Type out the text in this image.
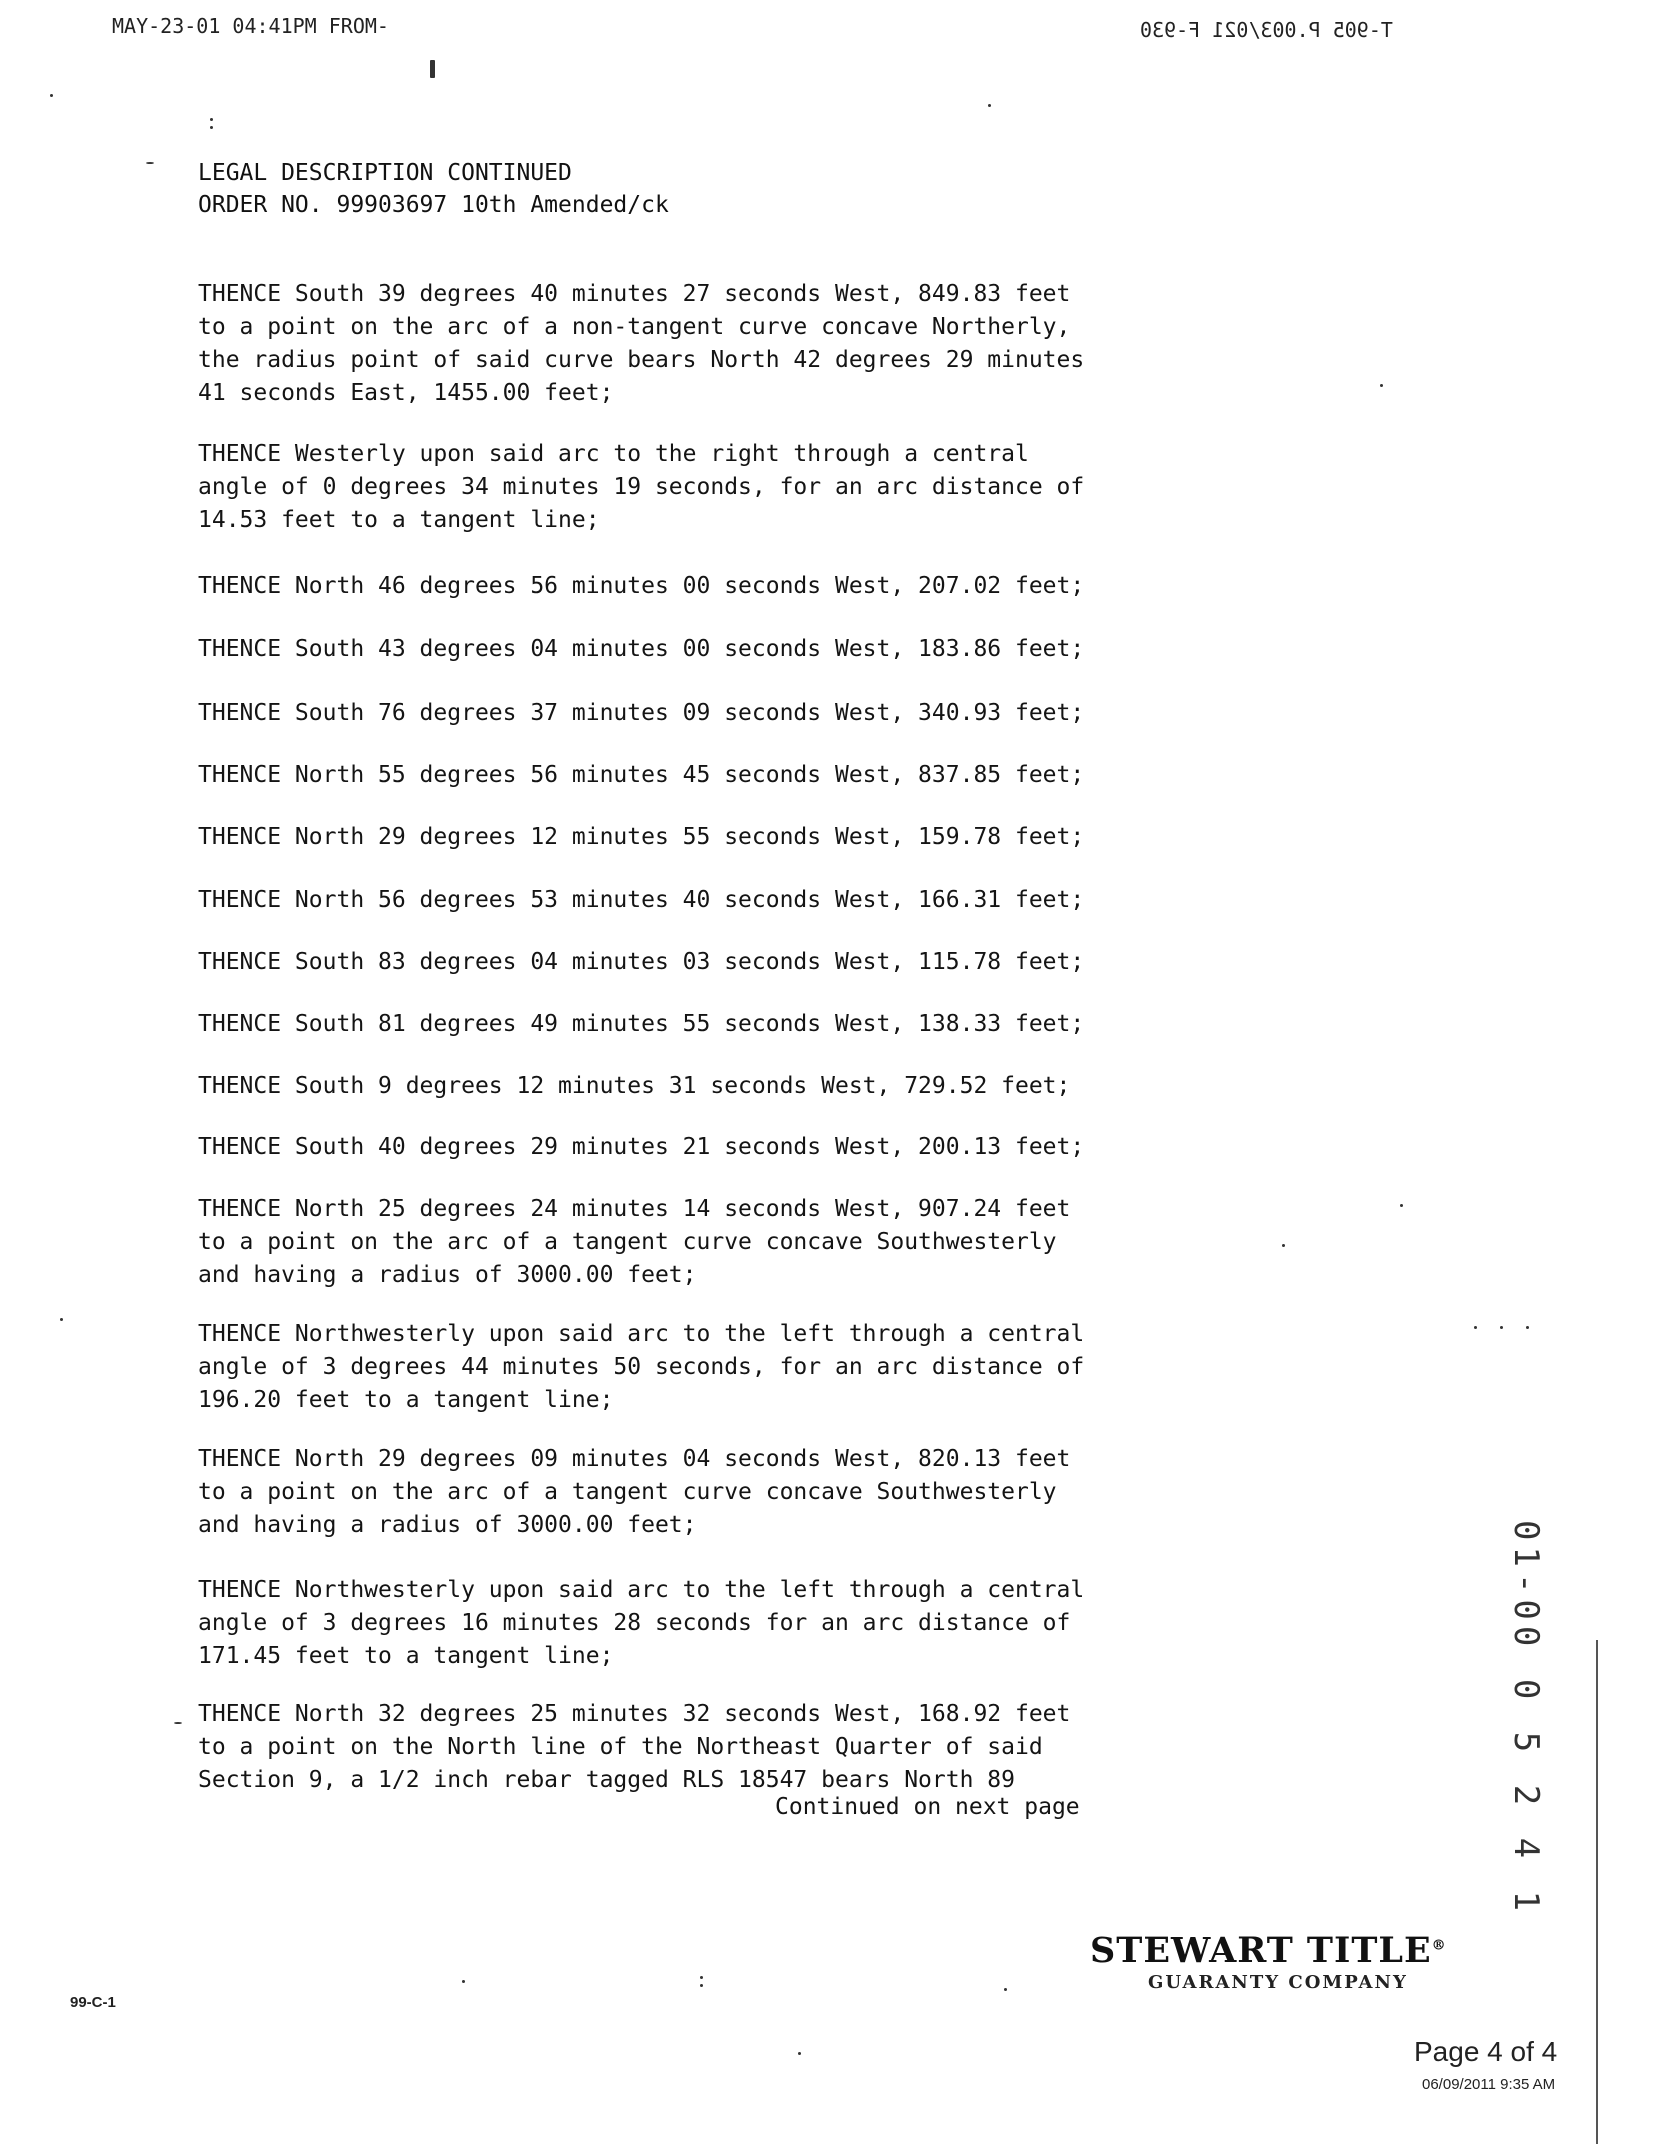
MAY-23-01 04:41PM FROM-	T-905 P.003/021 F-930
LEGAL DESCRIPTION CONTINUED
ORDER NO. 99903697 10th Amended/ck
THENCE South 39 degrees 40 minutes 27 seconds West, 849.83 feet
to a point on the arc of a non-tangent curve concave Northerly,
the radius point of said curve bears North 42 degrees 29 minutes
41 seconds East, 1455.00 feet;
THENCE Westerly upon said arc to the right through a central
angle of 0 degrees 34 minutes 19 seconds, for an arc distance of
14.53 feet to a tangent line;
THENCE North 46 degrees 56 minutes 00 seconds West, 207.02 feet;
THENCE South 43 degrees 04 minutes 00 seconds West, 183.86 feet;
THENCE South 76 degrees 37 minutes 09 seconds West, 340.93 feet;
THENCE North 55 degrees 56 minutes 45 seconds West, 837.85 feet;
THENCE North 29 degrees 12 minutes 55 seconds West, 159.78 feet;
THENCE North 56 degrees 53 minutes 40 seconds West, 166.31 feet;
THENCE South 83 degrees 04 minutes 03 seconds West, 115.78 feet;
THENCE South 81 degrees 49 minutes 55 seconds West, 138.33 feet;
THENCE South 9 degrees 12 minutes 31 seconds West, 729.52 feet;
THENCE South 40 degrees 29 minutes 21 seconds West, 200.13 feet;
THENCE North 25 degrees 24 minutes 14 seconds West, 907.24 feet
to a point on the arc of a tangent curve concave Southwesterly
and having a radius of 3000.00 feet;
THENCE Northwesterly upon said arc to the left through a central
angle of 3 degrees 44 minutes 50 seconds, for an arc distance of
196.20 feet to a tangent line;
THENCE North 29 degrees 09 minutes 04 seconds West, 820.13 feet
to a point on the arc of a tangent curve concave Southwesterly
and having a radius of 3000.00 feet;
THENCE Northwesterly upon said arc to the left through a central
angle of 3 degrees 16 minutes 28 seconds for an arc distance of
171.45 feet to a tangent line;
THENCE North 32 degrees 25 minutes 32 seconds West, 168.92 feet
to a point on the North line of the Northeast Quarter of said
Section 9, a 1/2 inch rebar tagged RLS 18547 bears North 89
Continued on next page	01-00 0 5 2 4 1
STEWART TITLE®
GUARANTY COMPANY
99-C-1
Page 4 of 4
06/09/2011 9:35 AM
